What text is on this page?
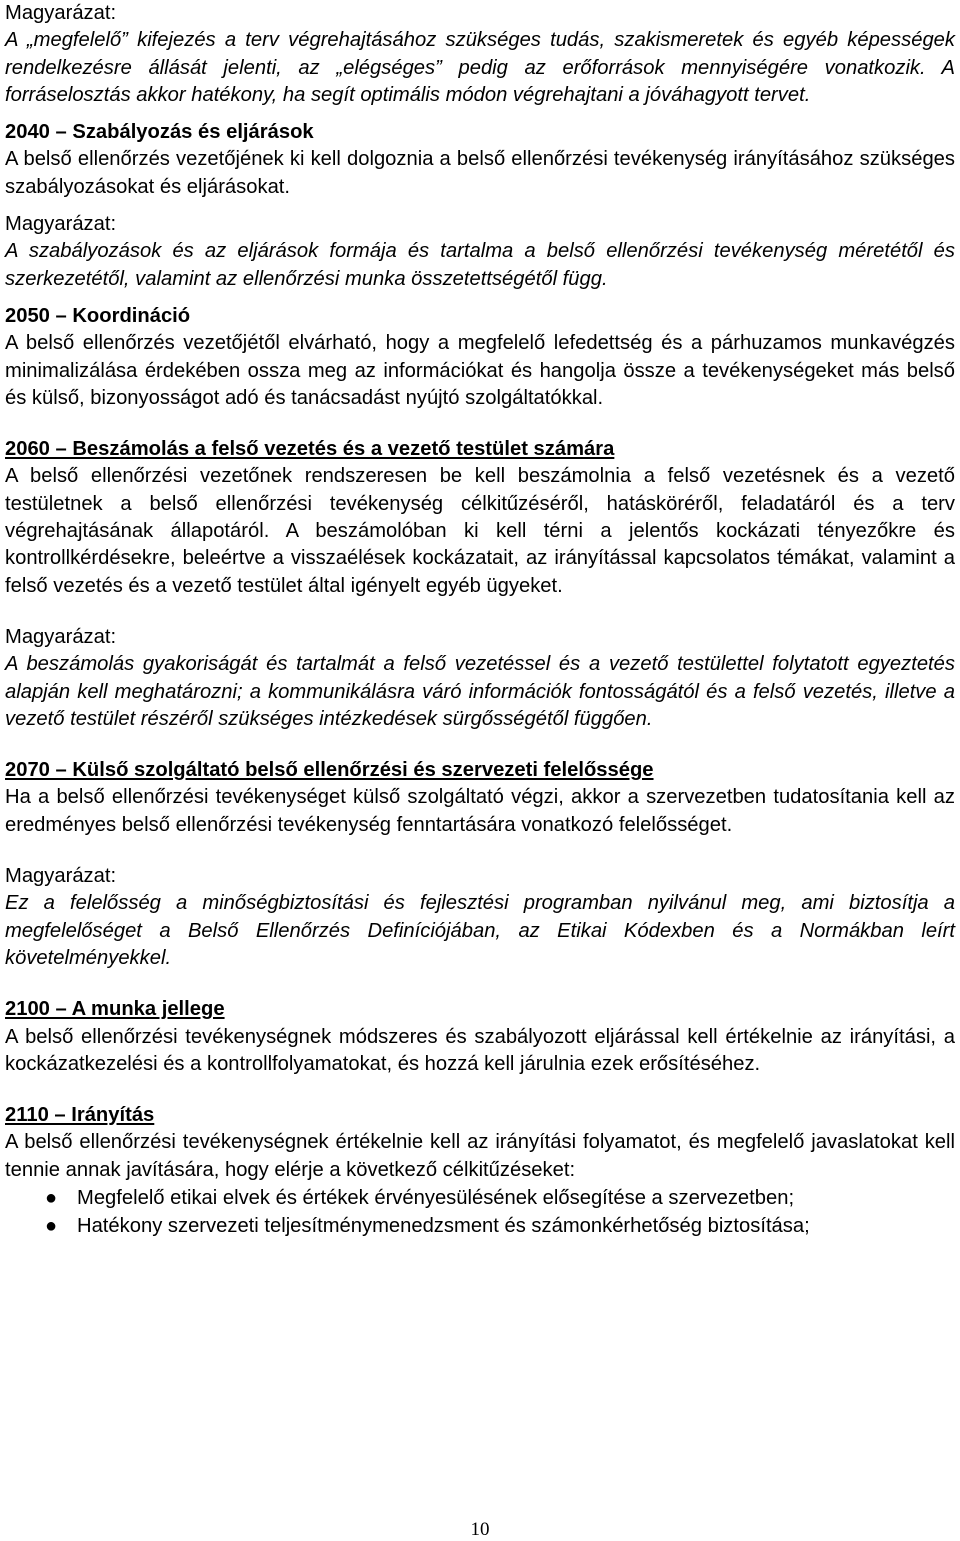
Magyarázat:

A „megfelelő” kifejezés a terv végrehajtásához szükséges tudás, szakismeretek és egyéb képességek rendelkezésre állását jelenti, az „elégséges” pedig az erőforrások mennyiségére vonatkozik. A forráselosztás akkor hatékony, ha segít optimális módon végrehajtani a jóváhagyott tervet.

2040 – Szabályozás és eljárások

A belső ellenőrzés vezetőjének ki kell dolgoznia a belső ellenőrzési tevékenység irányításához szükséges szabályozásokat és eljárásokat.

Magyarázat:

A szabályozások és az eljárások formája és tartalma a belső ellenőrzési tevékenység méretétől és szerkezetétől, valamint az ellenőrzési munka összetettségétől függ.

2050 – Koordináció

A belső ellenőrzés vezetőjétől elvárható, hogy a megfelelő lefedettség és a párhuzamos munkavégzés minimalizálása érdekében ossza meg az információkat és hangolja össze a tevékenységeket más belső és külső, bizonyosságot adó és tanácsadást nyújtó szolgáltatókkal.

2060 – Beszámolás a felső vezetés és a vezető testület számára

A belső ellenőrzési vezetőnek rendszeresen be kell beszámolnia a felső vezetésnek és a vezető testületnek a belső ellenőrzési tevékenység célkitűzéséről, hatásköréről, feladatáról és a terv végrehajtásának állapotáról. A beszámolóban ki kell térni a jelentős kockázati tényezőkre és kontrollkérdésekre, beleértve a visszaélések kockázatait, az irányítással kapcsolatos témákat, valamint a felső vezetés és a vezető testület által igényelt egyéb ügyeket.

Magyarázat:

A beszámolás gyakoriságát és tartalmát a felső vezetéssel és a vezető testülettel folytatott egyeztetés alapján kell meghatározni; a kommunikálásra váró információk fontosságától és a felső vezetés, illetve a vezető testület részéről szükséges intézkedések sürgősségétől függően.

2070 – Külső szolgáltató belső ellenőrzési és szervezeti felelőssége

Ha a belső ellenőrzési tevékenységet külső szolgáltató végzi, akkor a szervezetben tudatosítania kell az eredményes belső ellenőrzési tevékenység fenntartására vonatkozó felelősséget.

Magyarázat:

Ez a felelősség a minőségbiztosítási és fejlesztési programban nyilvánul meg, ami biztosítja a megfelelőséget a Belső Ellenőrzés Definíciójában, az Etikai Kódexben és a Normákban leírt követelményekkel.

2100 – A munka jellege

A belső ellenőrzési tevékenységnek módszeres és szabályozott eljárással kell értékelnie az irányítási, a kockázatkezelési és a kontrollfolyamatokat, és hozzá kell járulnia ezek erősítéséhez.

2110 – Irányítás

A belső ellenőrzési tevékenységnek értékelnie kell az irányítási folyamatot, és megfelelő javaslatokat kell tennie annak javítására, hogy elérje a következő célkitűzéseket:

● Megfelelő etikai elvek és értékek érvényesülésének elősegítése a szervezetben;
● Hatékony szervezeti teljesítménymenedzsment és számonkérhetőség biztosítása;
10
